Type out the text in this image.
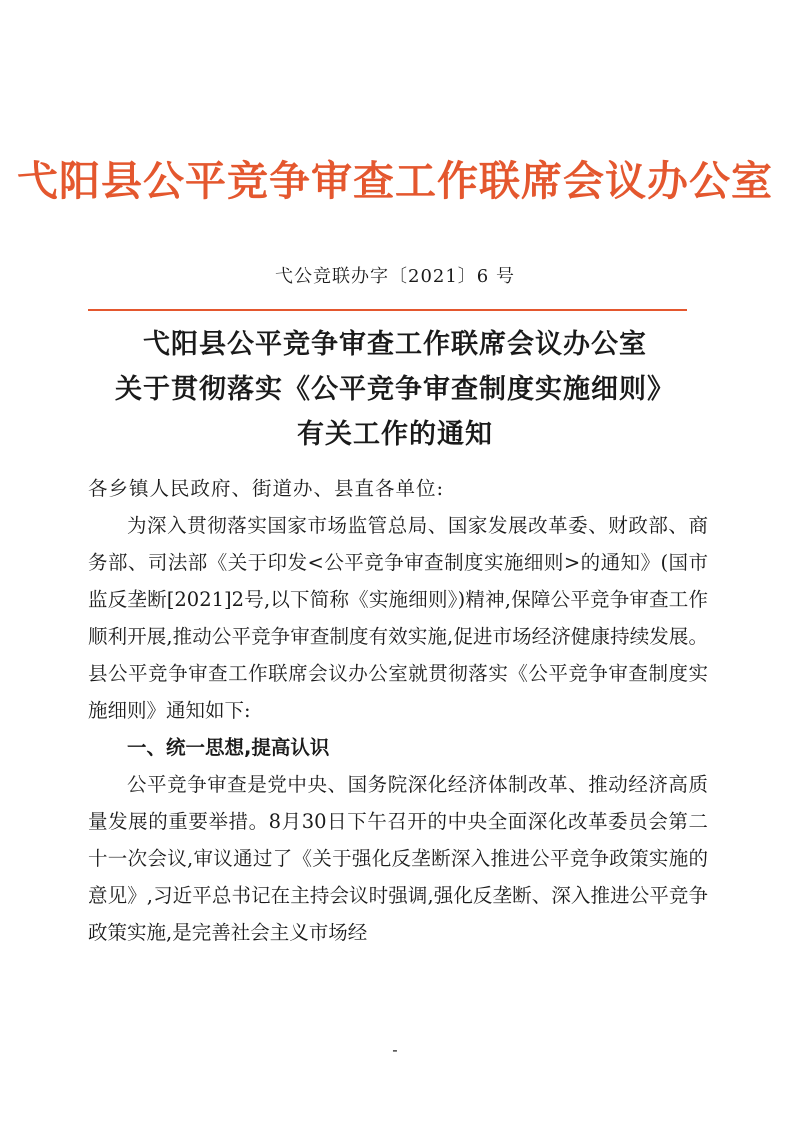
弋阳县公平竞争审查工作联席会议办公室
弋公竞联办字〔2021〕6 号
弋阳县公平竞争审查工作联席会议办公室
关于贯彻落实《公平竞争审查制度实施细则》
有关工作的通知

各乡镇人民政府、街道办、县直各单位:

为深入贯彻落实国家市场监管总局、国家发展改革委、财政部、商务部、司法部《关于印发<公平竞争审查制度实施细则>的通知》(国市监反垄断[2021]2号,以下简称《实施细则》)精神,保障公平竞争审查工作顺利开展,推动公平竞争审查制度有效实施,促进市场经济健康持续发展。县公平竞争审查工作联席会议办公室就贯彻落实《公平竞争审查制度实施细则》通知如下:

一、统一思想,提高认识

公平竞争审查是党中央、国务院深化经济体制改革、推动经济高质量发展的重要举措。8月30日下午召开的中央全面深化改革委员会第二十一次会议,审议通过了《关于强化反垄断深入推进公平竞争政策实施的意见》,习近平总书记在主持会议时强调,强化反垄断、深入推进公平竞争政策实施,是完善社会主义市场经

-
